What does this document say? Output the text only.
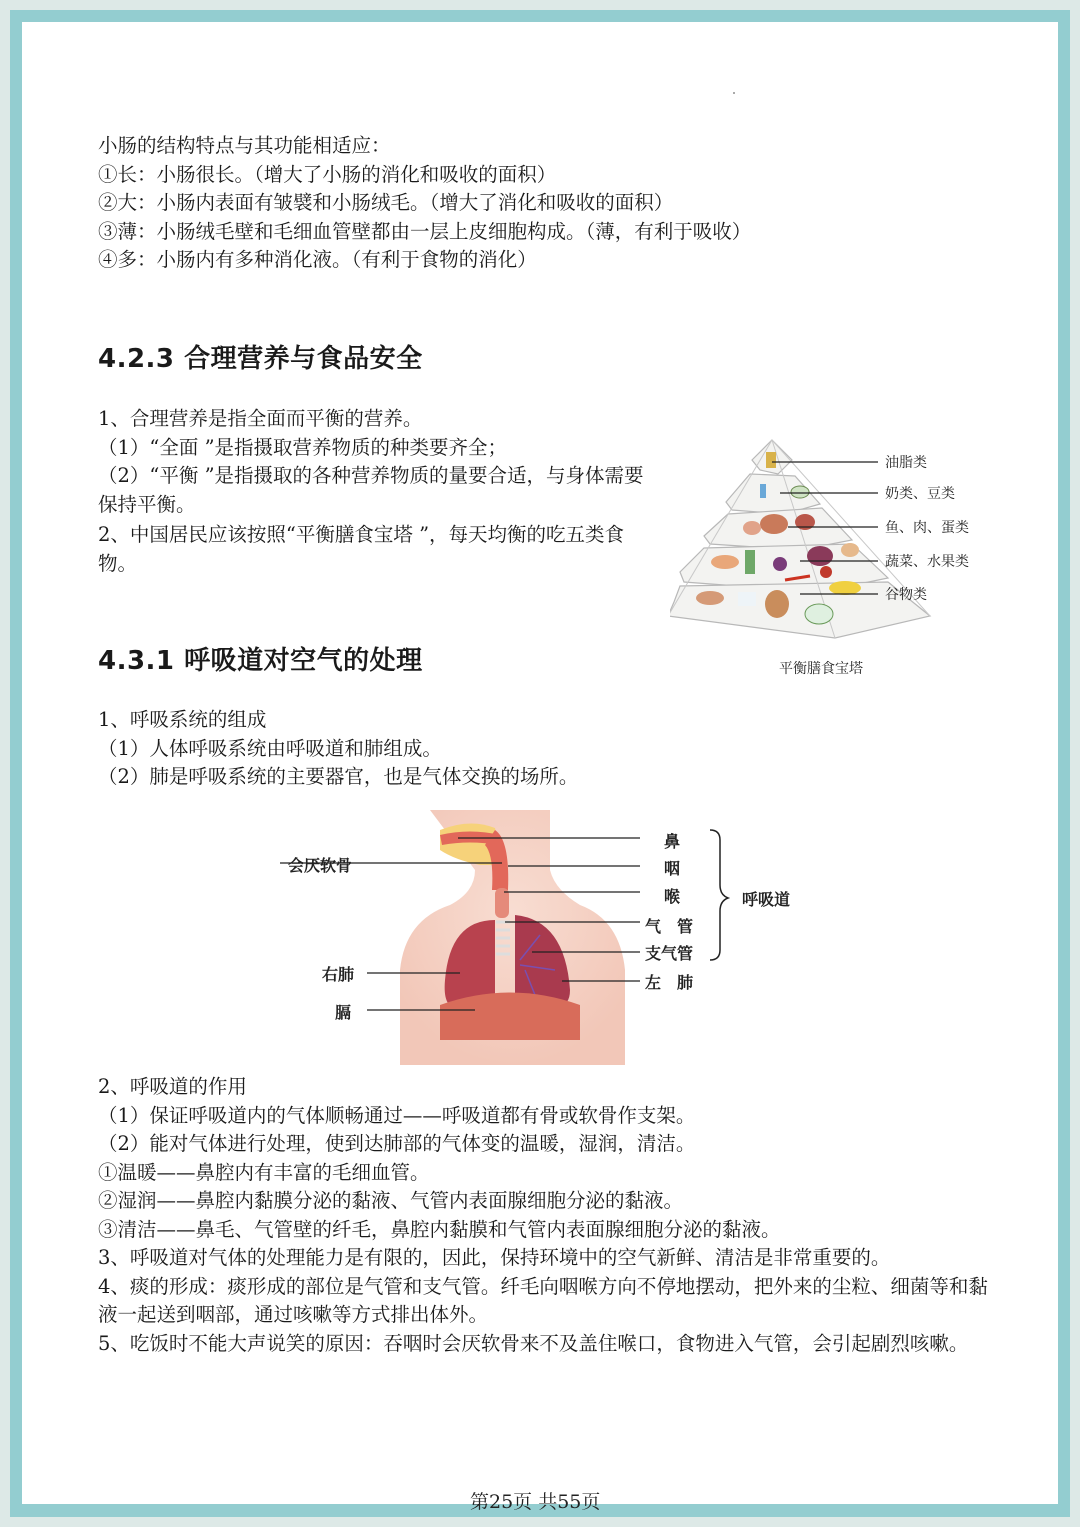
小肠的结构特点与其功能相适应：
①长：小肠很长。（增大了小肠的消化和吸收的面积）
②大：小肠内表面有皱襞和小肠绒毛。（增大了消化和吸收的面积）
③薄：小肠绒毛壁和毛细血管壁都由一层上皮细胞构成。（薄，有利于吸收）
④多：小肠内有多种消化液。（有利于食物的消化）
4.2.3 合理营养与食品安全
1、合理营养是指全面而平衡的营养。
（1）“全面 ”是指摄取营养物质的种类要齐全；
（2）“平衡 ”是指摄取的各种营养物质的量要合适，与身体需要保持平衡。
2、中国居民应该按照“平衡膳食宝塔 ”，每天均衡的吃五类食物。
油脂类
奶类、豆类
鱼、肉、蛋类
蔬菜、水果类
谷物类
平衡膳食宝塔
4.3.1 呼吸道对空气的处理
1、呼吸系统的组成
（1）人体呼吸系统由呼吸道和肺组成。
（2）肺是呼吸系统的主要器官，也是气体交换的场所。
会厌软骨
右肺
膈
鼻
咽
喉
气　管
支气管
左　肺
呼吸道
2、呼吸道的作用
（1）保证呼吸道内的气体顺畅通过——呼吸道都有骨或软骨作支架。
（2）能对气体进行处理，使到达肺部的气体变的温暖，湿润，清洁。
①温暖——鼻腔内有丰富的毛细血管。
②湿润——鼻腔内黏膜分泌的黏液、气管内表面腺细胞分泌的黏液。
③清洁——鼻毛、气管壁的纤毛，鼻腔内黏膜和气管内表面腺细胞分泌的黏液。
3、呼吸道对气体的处理能力是有限的，因此，保持环境中的空气新鲜、清洁是非常重要的。
4、痰的形成：痰形成的部位是气管和支气管。纤毛向咽喉方向不停地摆动，把外来的尘粒、细菌等和黏液一起送到咽部，通过咳嗽等方式排出体外。
5、吃饭时不能大声说笑的原因：吞咽时会厌软骨来不及盖住喉口，食物进入气管，会引起剧烈咳嗽。
第25页 共55页
